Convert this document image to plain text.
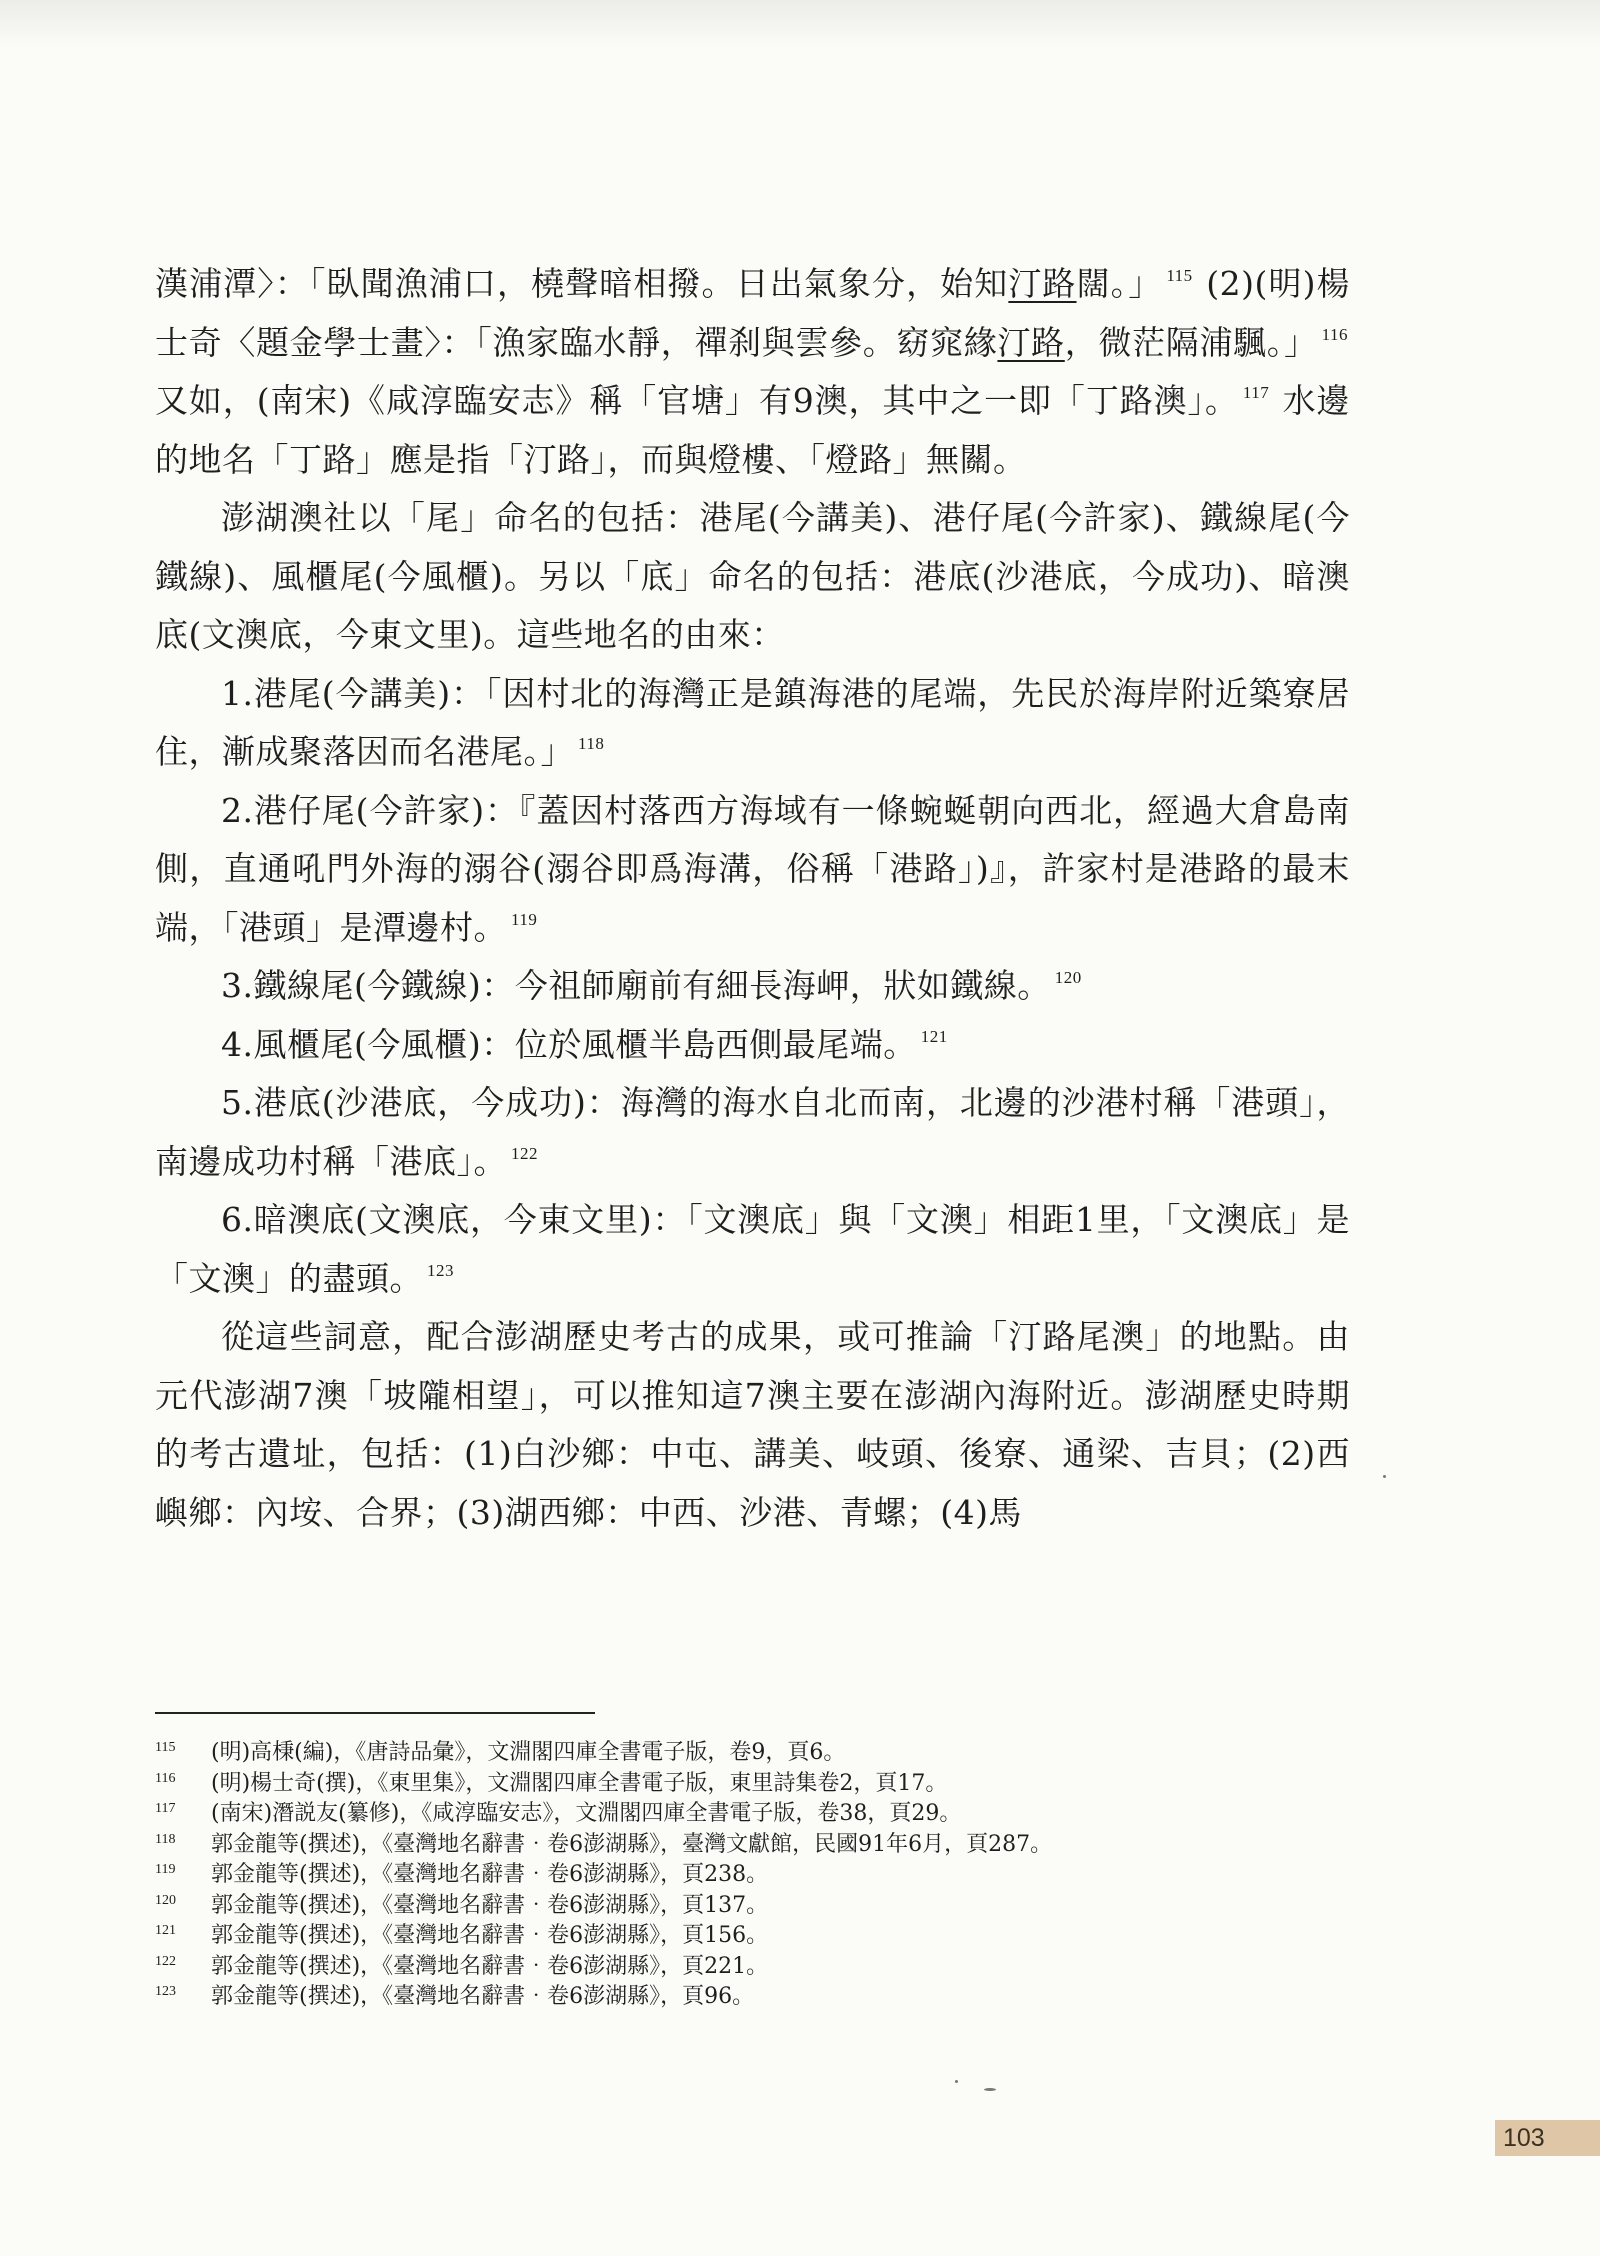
漢浦潭〉：「臥聞漁浦口，橈聲暗相撥。日出氣象分，始知汀路闊。」 $^{115}$ (2)(明)楊士奇〈題金學士畫〉：「漁家臨水靜，禪刹與雲參。窈窕緣汀路，微茫隔浦颿。」 $^{116}$ 又如，(南宋)《咸淳臨安志》稱「官塘」有9澳，其中之一即「丁路澳」。 $^{117}$ 水邊的地名「丁路」應是指「汀路」，而與燈樓、「燈路」無關。

澎湖澳社以「尾」命名的包括：港尾(今講美)、港仔尾(今許家)、鐵線尾(今鐵線)、風櫃尾(今風櫃)。另以「底」命名的包括：港底(沙港底，今成功)、暗澳底(文澳底，今東文里)。這些地名的由來：

1.港尾(今講美)：「因村北的海灣正是鎮海港的尾端，先民於海岸附近築寮居住，漸成聚落因而名港尾。」 $^{118}$

2.港仔尾(今許家)：『蓋因村落西方海域有一條蜿蜒朝向西北，經過大倉島南側，直通吼門外海的溺谷(溺谷即爲海溝，俗稱「港路」)』，許家村是港路的最末端，「港頭」是潭邊村。 $^{119}$

3.鐵線尾(今鐵線)：今祖師廟前有細長海岬，狀如鐵線。 $^{120}$

4.風櫃尾(今風櫃)：位於風櫃半島西側最尾端。 $^{121}$

5.港底(沙港底，今成功)：海灣的海水自北而南，北邊的沙港村稱「港頭」，南邊成功村稱「港底」。 $^{122}$

6.暗澳底(文澳底，今東文里)：「文澳底」與「文澳」相距1里，「文澳底」是「文澳」的盡頭。 $^{123}$

從這些詞意，配合澎湖歷史考古的成果，或可推論「汀路尾澳」的地點。由元代澎湖7澳「坡隴相望」，可以推知這7澳主要在澎湖內海附近。澎湖歷史時期的考古遺址，包括：(1)白沙鄉：中屯、講美、岐頭、後寮、通梁、吉貝；(2)西嶼鄉：內垵、合界；(3)湖西鄉：中西、沙港、青螺；(4)馬

115	(明)高棅(編)，《唐詩品彙》，文淵閣四庫全書電子版，卷9，頁6。
116	(明)楊士奇(撰)，《東里集》，文淵閣四庫全書電子版，東里詩集卷2，頁17。
117	(南宋)潛説友(纂修)，《咸淳臨安志》，文淵閣四庫全書電子版，卷38，頁29。
118	郭金龍等(撰述)，《臺灣地名辭書‧卷6澎湖縣》，臺灣文獻館，民國91年6月，頁287。
119	郭金龍等(撰述)，《臺灣地名辭書‧卷6澎湖縣》，頁238。
120	郭金龍等(撰述)，《臺灣地名辭書‧卷6澎湖縣》，頁137。
121	郭金龍等(撰述)，《臺灣地名辭書‧卷6澎湖縣》，頁156。
122	郭金龍等(撰述)，《臺灣地名辭書‧卷6澎湖縣》，頁221。
123	郭金龍等(撰述)，《臺灣地名辭書‧卷6澎湖縣》，頁96。
103
